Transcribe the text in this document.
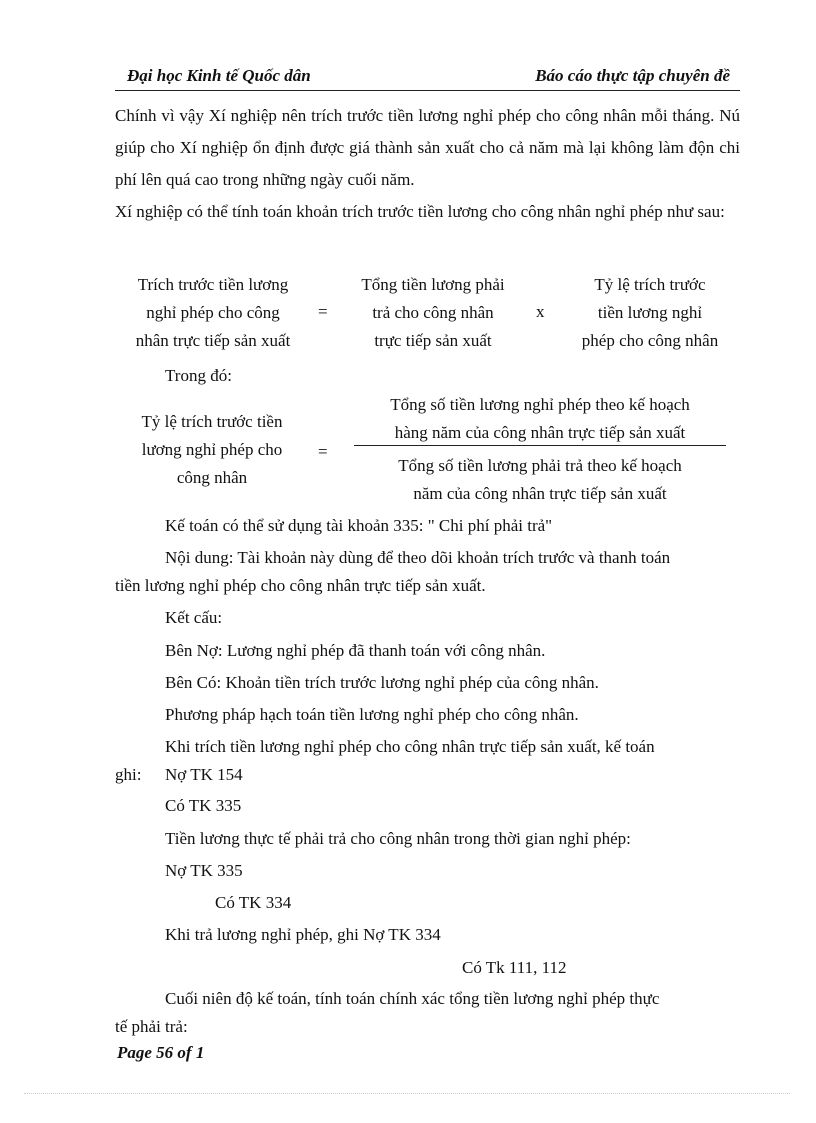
Đại học Kinh tế Quốc dân	Báo cáo thực tập chuyên đề
Chính vì vậy Xí nghiệp nên trích trước tiền lương nghỉ phép cho công nhân mỗi tháng. Nú giúp cho Xí nghiệp ổn định được giá thành sản xuất cho cả năm mà lại không làm độn chi phí lên quá cao trong những ngày cuối năm.
Xí nghiệp có thể tính toán khoản trích trước tiền lương cho công nhân nghỉ phép như sau:
Trích trước tiền lương
nghỉ phép cho công
nhân trực tiếp sản xuất
=
Tổng tiền lương phải
trả cho công nhân
trực tiếp sản xuất
x
Tỷ lệ trích trước
tiền lương nghỉ
phép cho công nhân
Trong đó:
Tỷ lệ trích trước tiền
lương nghỉ phép cho
công nhân
=
Tổng số tiền lương nghỉ phép theo kế hoạch
hàng năm của công nhân trực tiếp sản xuất
Tổng số tiền lương phải trả theo kế hoạch
năm của công nhân trực tiếp sản xuất
Kế toán có thể sử dụng tài khoản 335: " Chi phí phải trả"
Nội dung: Tài khoản này dùng để theo dõi khoản trích trước và thanh toán
tiền lương nghỉ phép cho công nhân trực tiếp sản xuất.
Kết cấu:
Bên Nợ: Lương nghỉ phép đã thanh toán với công nhân.
Bên Có: Khoản tiền trích trước lương nghỉ phép của công nhân.
Phương pháp hạch toán tiền lương nghỉ phép cho công nhân.
Khi trích tiền lương nghỉ phép cho công nhân trực tiếp sản xuất, kế toán
ghi: Nợ TK 154
Có TK 335
Tiền lương thực tế phải trả cho công nhân trong thời gian nghỉ phép:
Nợ TK 335
Có TK 334
Khi trả lương nghỉ phép, ghi Nợ TK 334
Có Tk 111, 112
Cuối niên độ kế toán, tính toán chính xác tổng tiền lương nghỉ phép thực
tế phải trả:
Page 56 of 1
